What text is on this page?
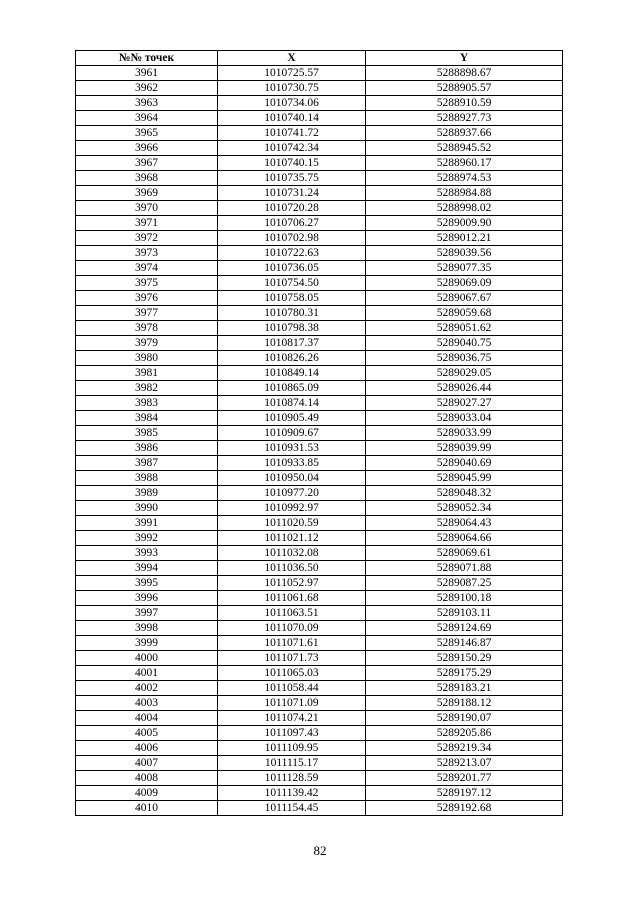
№№ точек	X	Y
3961	1010725.57	5288898.67
3962	1010730.75	5288905.57
3963	1010734.06	5288910.59
3964	1010740.14	5288927.73
3965	1010741.72	5288937.66
3966	1010742.34	5288945.52
3967	1010740.15	5288960.17
3968	1010735.75	5288974.53
3969	1010731.24	5288984.88
3970	1010720.28	5288998.02
3971	1010706.27	5289009.90
3972	1010702.98	5289012.21
3973	1010722.63	5289039.56
3974	1010736.05	5289077.35
3975	1010754.50	5289069.09
3976	1010758.05	5289067.67
3977	1010780.31	5289059.68
3978	1010798.38	5289051.62
3979	1010817.37	5289040.75
3980	1010826.26	5289036.75
3981	1010849.14	5289029.05
3982	1010865.09	5289026.44
3983	1010874.14	5289027.27
3984	1010905.49	5289033.04
3985	1010909.67	5289033.99
3986	1010931.53	5289039.99
3987	1010933.85	5289040.69
3988	1010950.04	5289045.99
3989	1010977.20	5289048.32
3990	1010992.97	5289052.34
3991	1011020.59	5289064.43
3992	1011021.12	5289064.66
3993	1011032.08	5289069.61
3994	1011036.50	5289071.88
3995	1011052.97	5289087.25
3996	1011061.68	5289100.18
3997	1011063.51	5289103.11
3998	1011070.09	5289124.69
3999	1011071.61	5289146.87
4000	1011071.73	5289150.29
4001	1011065.03	5289175.29
4002	1011058.44	5289183.21
4003	1011071.09	5289188.12
4004	1011074.21	5289190.07
4005	1011097.43	5289205.86
4006	1011109.95	5289219.34
4007	1011115.17	5289213.07
4008	1011128.59	5289201.77
4009	1011139.42	5289197.12
4010	1011154.45	5289192.68
82
